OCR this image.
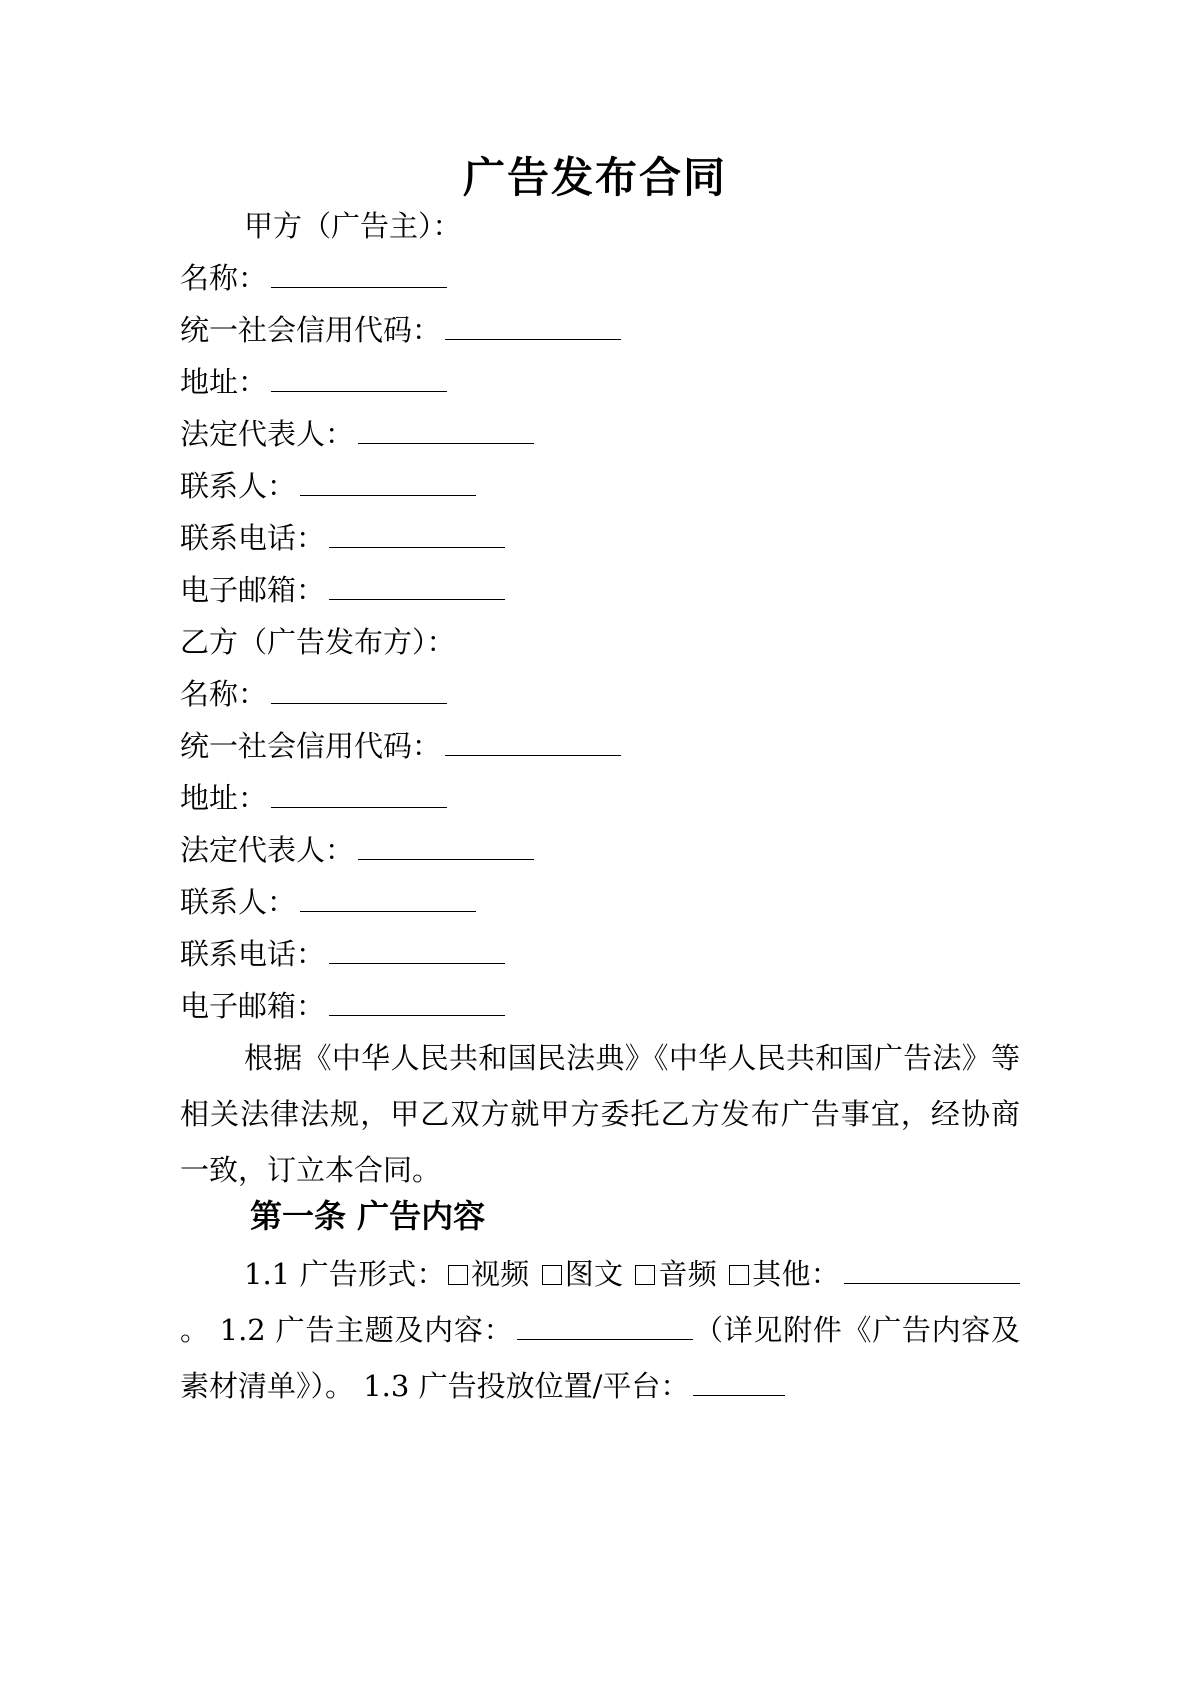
广告发布合同
甲方（广告主）：
名称：
统一社会信用代码：
地址：
法定代表人：
联系人：
联系电话：
电子邮箱：
乙方（广告发布方）：
名称：
统一社会信用代码：
地址：
法定代表人：
联系人：
联系电话：
电子邮箱：
根据《中华人民共和国民法典》《中华人民共和国广告法》等相关法律法规，甲乙双方就甲方委托乙方发布广告事宜，经协商一致，订立本合同。
第一条 广告内容
1.1 广告形式： 视频 图文 音频 其他：。 1.2 广告主题及内容：	（详见附件《广告内容及素材清单》）。 1.3 广告投放位置/平台：
